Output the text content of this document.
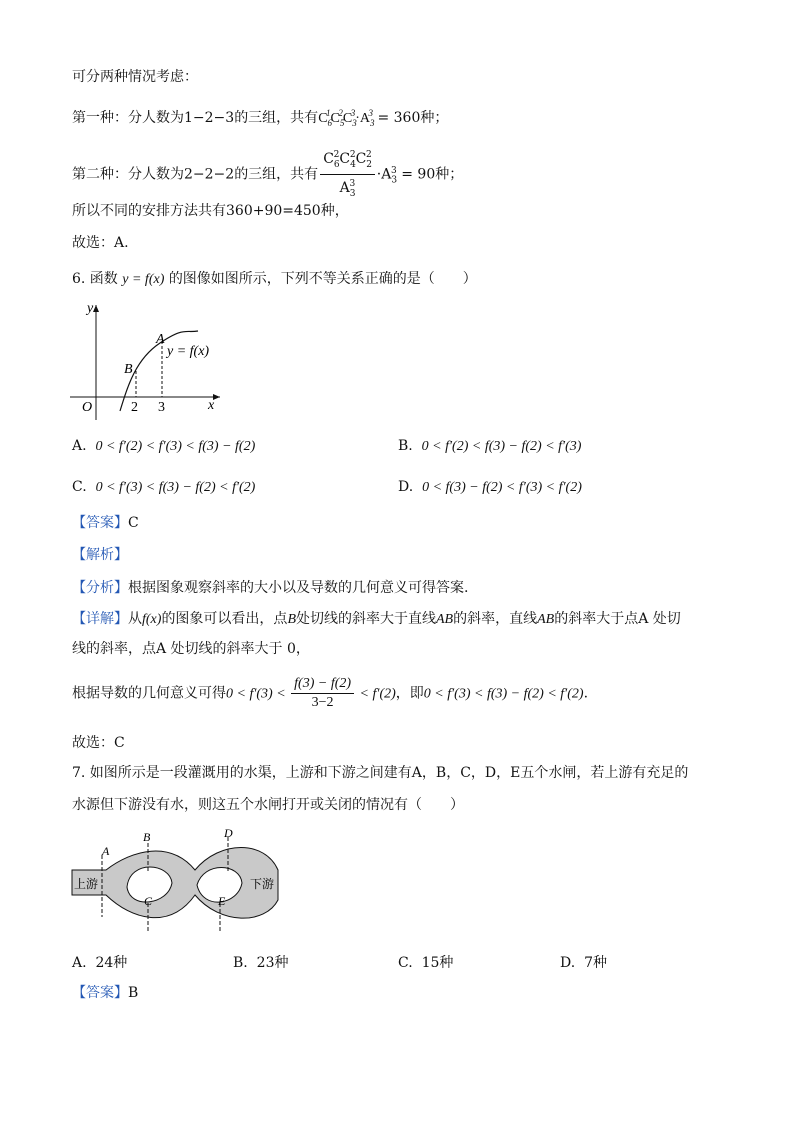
可分两种情况考虑：
第一种：分人数为1−2−3的三组，共有$C_6^1C_5^2C_3^3\cdot A_3^3 = 360$种；
第二种：分人数为2−2−2的三组，共有 $\frac{C_6^2C_4^2C_2^2}{A_3^3} \cdot A_3^3 = 90$种；
所以不同的安排方法共有360+90=450种，
故选：A.
6. 函数 y = f(x) 的图像如图所示，下列不等关系正确的是（　　）
y
x
O
B
A
2 3
y = f(x)
A. 0 < f′(2) < f′(3) < f(3) − f(2)	B. 0 < f′(2) < f(3) − f(2) < f′(3)
C. 0 < f′(3) < f(3) − f(2) < f′(2)	D. 0 < f(3) − f(2) < f′(3) < f′(2)
【答案】C
【解析】
【分析】根据图象观察斜率的大小以及导数的几何意义可得答案.
【详解】从f(x)的图象可以看出，点B处切线的斜率大于直线AB的斜率，直线AB的斜率大于点A 处切
线的斜率，点A 处切线的斜率大于 0，
根据导数的几何意义可得$0 < f'(3) < \frac{f(3) - f(2)}{3-2} < f'(2)$，即0 < f′(3) < f(3) − f(2) < f′(2).
故选：C
7. 如图所示是一段灌溉用的水渠，上游和下游之间建有A，B，C，D，E五个水闸，若上游有充足的
水源但下游没有水，则这五个水闸打开或关闭的情况有（　　）
上游	下游
A
B
C
D
E
A. 24种	B. 23种	C. 15种	D. 7种
【答案】B
